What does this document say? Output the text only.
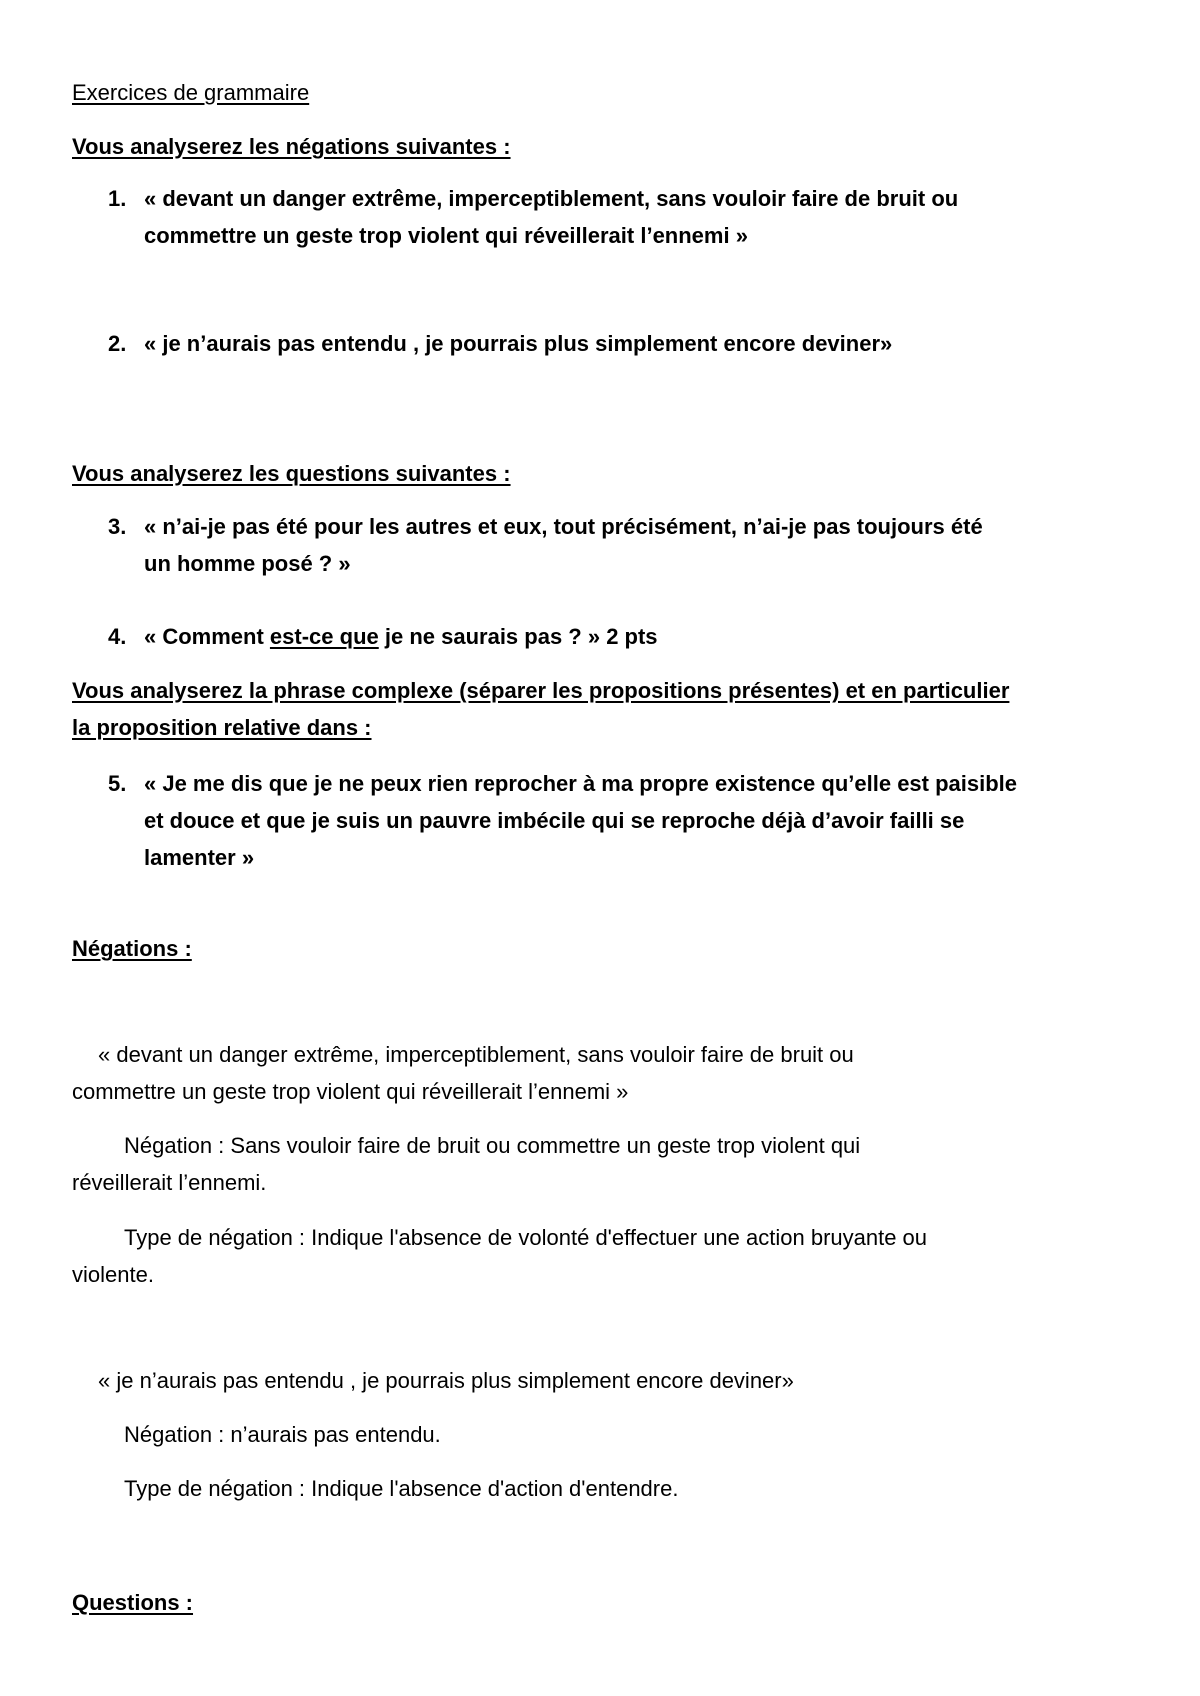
Exercices de grammaire

Vous analyserez les négations suivantes :

1. « devant un danger extrême, imperceptiblement, sans vouloir faire de bruit ou
commettre un geste trop violent qui réveillerait l’ennemi »
2. « je n’aurais pas entendu , je pourrais plus simplement encore deviner»

Vous analyserez les questions suivantes :

3. « n’ai-je pas été pour les autres et eux, tout précisément, n’ai-je pas toujours été
un homme posé ? »
4. « Comment est-ce que je ne saurais pas ? » 2 pts

Vous analyserez la phrase complexe (séparer les propositions présentes) et en particulier
la proposition relative dans :

5. « Je me dis que je ne peux rien reprocher à ma propre existence qu’elle est paisible
et douce et que je suis un pauvre imbécile qui se reproche déjà d’avoir failli se
lamenter »

Négations :

« devant un danger extrême, imperceptiblement, sans vouloir faire de bruit ou
commettre un geste trop violent qui réveillerait l’ennemi »

Négation : Sans vouloir faire de bruit ou commettre un geste trop violent qui
réveillerait l’ennemi.

Type de négation : Indique l'absence de volonté d'effectuer une action bruyante ou
violente.

« je n’aurais pas entendu , je pourrais plus simplement encore deviner»

Négation : n’aurais pas entendu.

Type de négation : Indique l'absence d'action d'entendre.

Questions :
